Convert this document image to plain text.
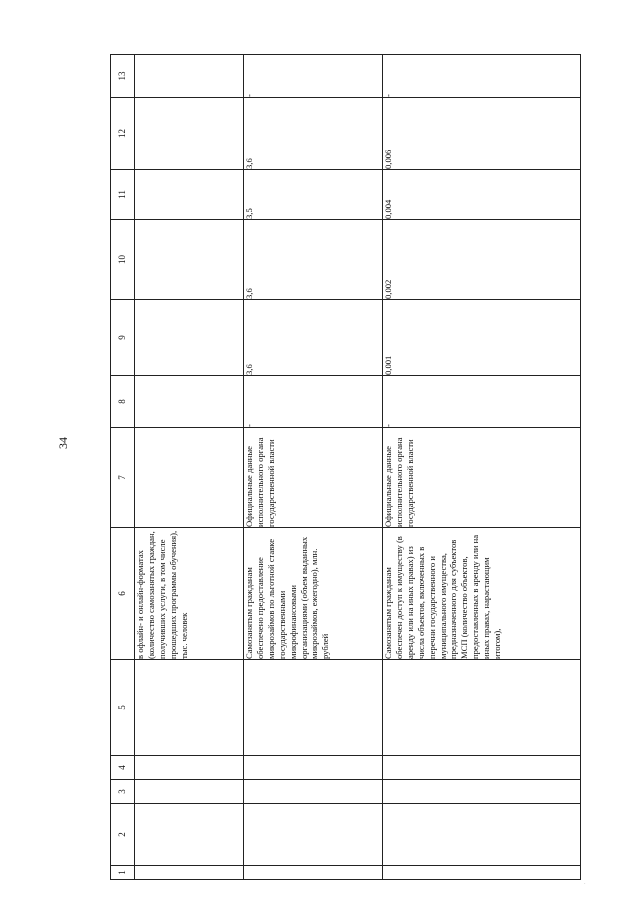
34
1	2	3	4	5	6	7	8	9	10	11	12	13
					в офлайн- и онлайн-форматах (количество самозанятых граждан, получивших услуги, в том числе прошедших программы обучения), тыс. человек							
					Самозанятым гражданам обеспечено предоставление микрозаймов по льготной ставке государственными микрофинансовыми организациями (объем выданных микрозаймов, ежегодно), млн. рублей	Официальные данные исполнительного органа государственной власти	-	3,6	3,6	3,5	3,6	-
					Самозанятым гражданам обеспечен доступ к имуществу (в аренду или на иных правах) из числа объектов, включенных в перечни государственного и муниципального имущества, предназначенного для субъектов МСП (количество объектов, предоставленных в аренду или на иных правах, нарастающим итогом),	Официальные данные исполнительного органа государственной власти	-	0,001	0,002	0,004	0,006	-
·
